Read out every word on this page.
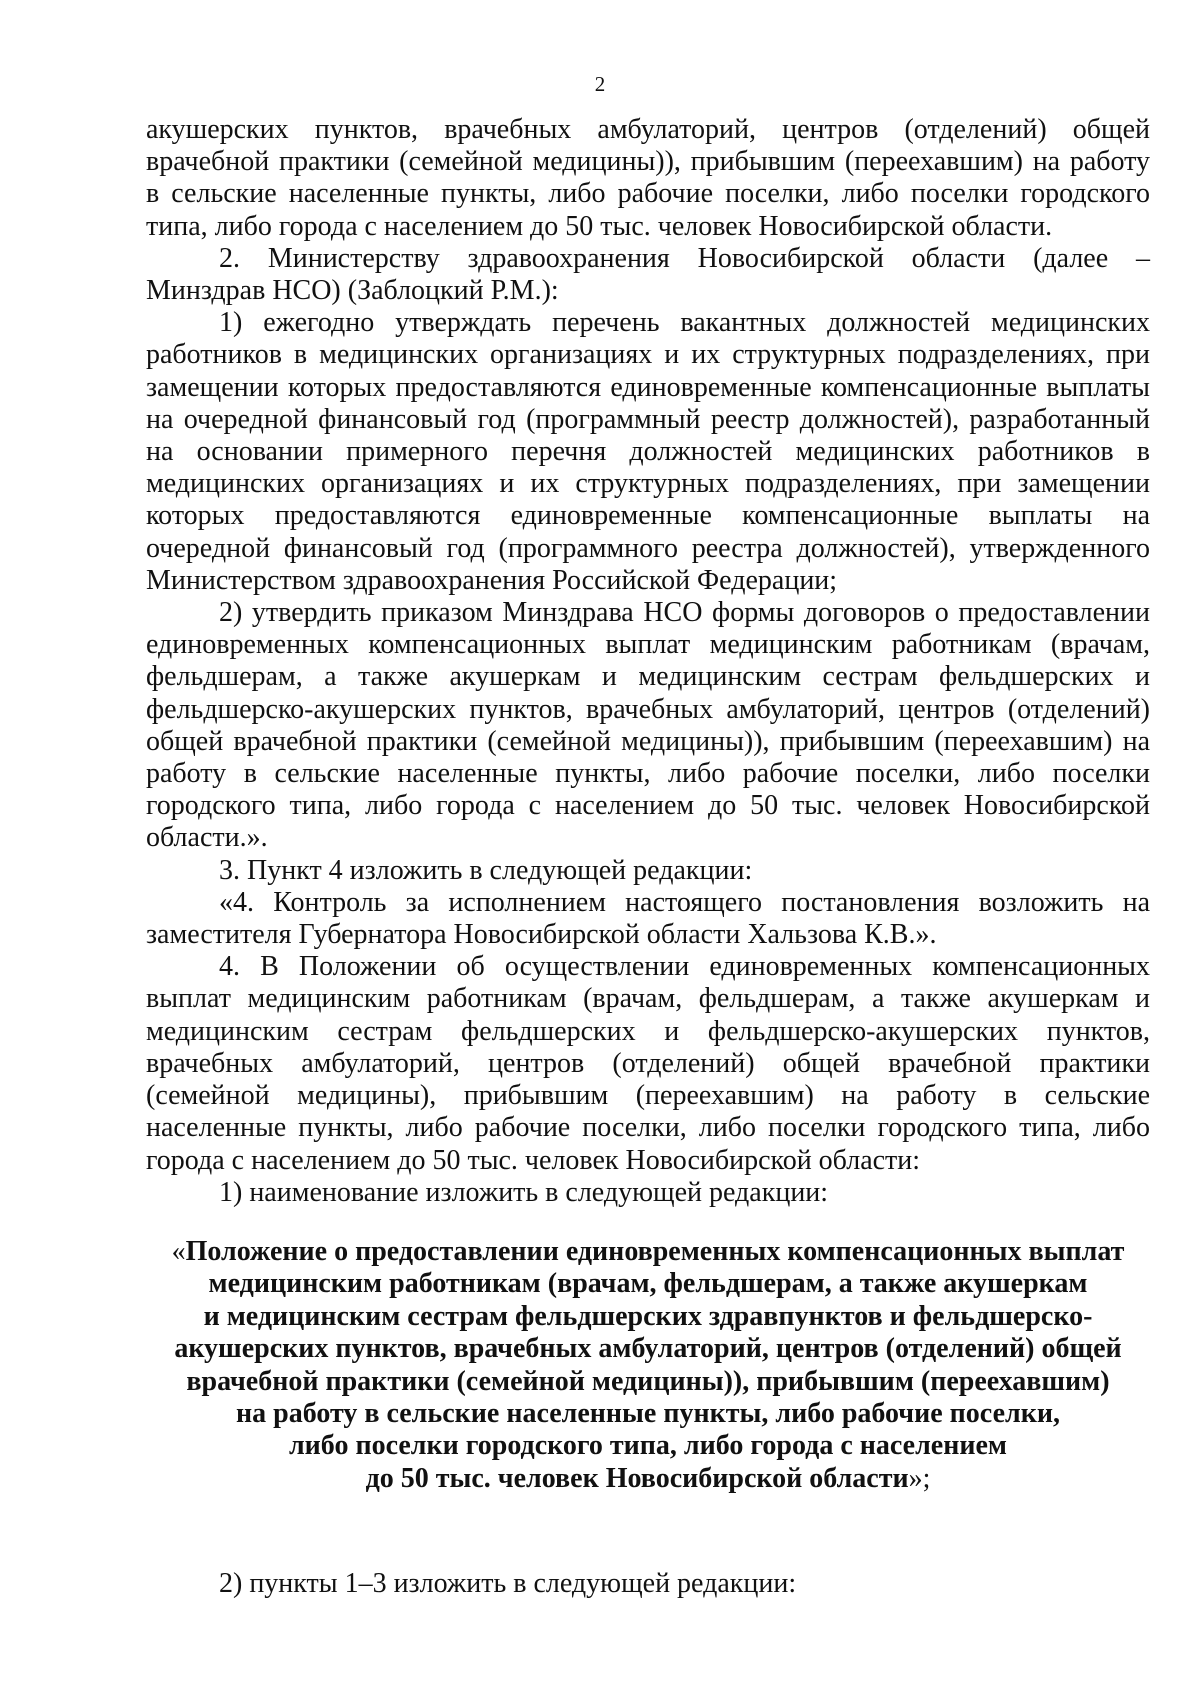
2

акушерских пунктов, врачебных амбулаторий, центров (отделений) общей врачебной практики (семейной медицины)), прибывшим (переехавшим) на работу в сельские населенные пункты, либо рабочие поселки, либо поселки городского типа, либо города с населением до 50 тыс. человек Новосибирской области.

2. Министерству здравоохранения Новосибирской области (далее – Минздрав НСО) (Заблоцкий Р.М.):

1) ежегодно утверждать перечень вакантных должностей медицинских работников в медицинских организациях и их структурных подразделениях, при замещении которых предоставляются единовременные компенсационные выплаты на очередной финансовый год (программный реестр должностей), разработанный на основании примерного перечня должностей медицинских работников в медицинских организациях и их структурных подразделениях, при замещении которых предоставляются единовременные компенсационные выплаты на очередной финансовый год (программного реестра должностей), утвержденного Министерством здравоохранения Российской Федерации;

2) утвердить приказом Минздрава НСО формы договоров о предоставлении единовременных компенсационных выплат медицинским работникам (врачам, фельдшерам, а также акушеркам и медицинским сестрам фельдшерских и фельдшерско-акушерских пунктов, врачебных амбулаторий, центров (отделений) общей врачебной практики (семейной медицины)), прибывшим (переехавшим) на работу в сельские населенные пункты, либо рабочие поселки, либо поселки городского типа, либо города с населением до 50 тыс. человек Новосибирской области.».

3. Пункт 4 изложить в следующей редакции:

«4. Контроль за исполнением настоящего постановления возложить на заместителя Губернатора Новосибирской области Хальзова К.В.».

4. В Положении об осуществлении единовременных компенсационных выплат медицинским работникам (врачам, фельдшерам, а также акушеркам и медицинским сестрам фельдшерских и фельдшерско-акушерских пунктов, врачебных амбулаторий, центров (отделений) общей врачебной практики (семейной медицины), прибывшим (переехавшим) на работу в сельские населенные пункты, либо рабочие поселки, либо поселки городского типа, либо города с населением до 50 тыс. человек Новосибирской области:

1) наименование изложить в следующей редакции:

«Положение о предоставлении единовременных компенсационных выплат
медицинским работникам (врачам, фельдшерам, а также акушеркам
и медицинским сестрам фельдшерских здравпунктов и фельдшерско-
акушерских пунктов, врачебных амбулаторий, центров (отделений) общей
врачебной практики (семейной медицины)), прибывшим (переехавшим)
на работу в сельские населенные пункты, либо рабочие поселки,
либо поселки городского типа, либо города с населением
до 50 тыс. человек Новосибирской области»;
2) пункты 1–3 изложить в следующей редакции:
